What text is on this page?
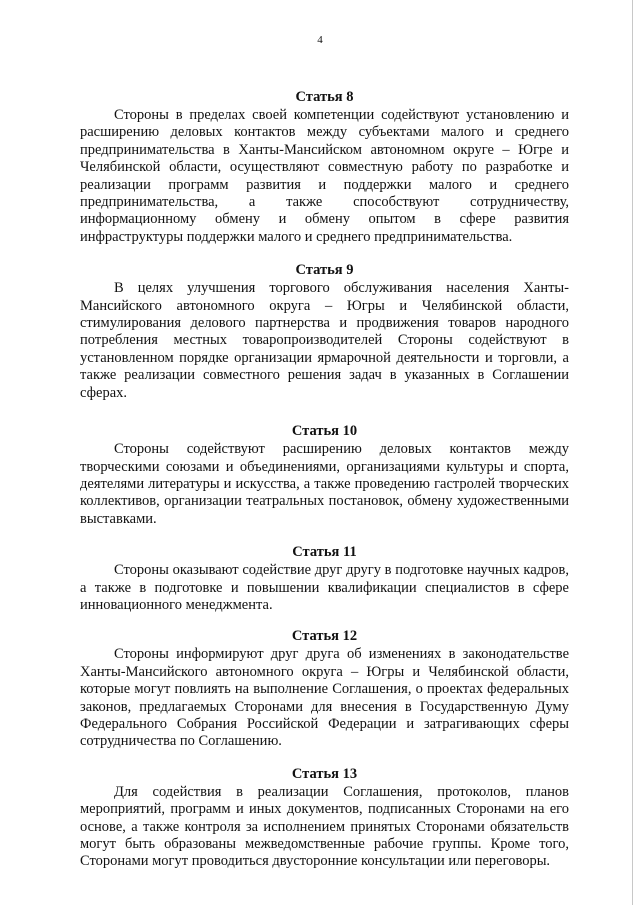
4
Статья 8

Стороны в пределах своей компетенции содействуют установлению и расширению деловых контактов между субъектами малого и среднего предпринимательства в Ханты-Мансийском автономном округе – Югре и Челябинской области, осуществляют совместную работу по разработке и реализации программ развития и поддержки малого и среднего предпринимательства, а также способствуют сотрудничеству, информационному обмену и обмену опытом в сфере развития инфраструктуры поддержки малого и среднего предпринимательства.

Статья 9

В целях улучшения торгового обслуживания населения Ханты-Мансийского автономного округа – Югры и Челябинской области, стимулирования делового партнерства и продвижения товаров народного потребления местных товаропроизводителей Стороны содействуют в установленном порядке организации ярмарочной деятельности и торговли, а также реализации совместного решения задач в указанных в Соглашении сферах.

Статья 10

Стороны содействуют расширению деловых контактов между творческими союзами и объединениями, организациями культуры и спорта, деятелями литературы и искусства, а также проведению гастролей творческих коллективов, организации театральных постановок, обмену художественными выставками.

Статья 11

Стороны оказывают содействие друг другу в подготовке научных кадров, а также в подготовке и повышении квалификации специалистов в сфере инновационного менеджмента.

Статья 12

Стороны информируют друг друга об изменениях в законодательстве Ханты-Мансийского автономного округа – Югры и Челябинской области, которые могут повлиять на выполнение Соглашения, о проектах федеральных законов, предлагаемых Сторонами для внесения в Государственную Думу Федерального Собрания Российской Федерации и затрагивающих сферы сотрудничества по Соглашению.

Статья 13

Для содействия в реализации Соглашения, протоколов, планов мероприятий, программ и иных документов, подписанных Сторонами на его основе, а также контроля за исполнением принятых Сторонами обязательств могут быть образованы межведомственные рабочие группы. Кроме того, Сторонами могут проводиться двусторонние консультации или переговоры.
